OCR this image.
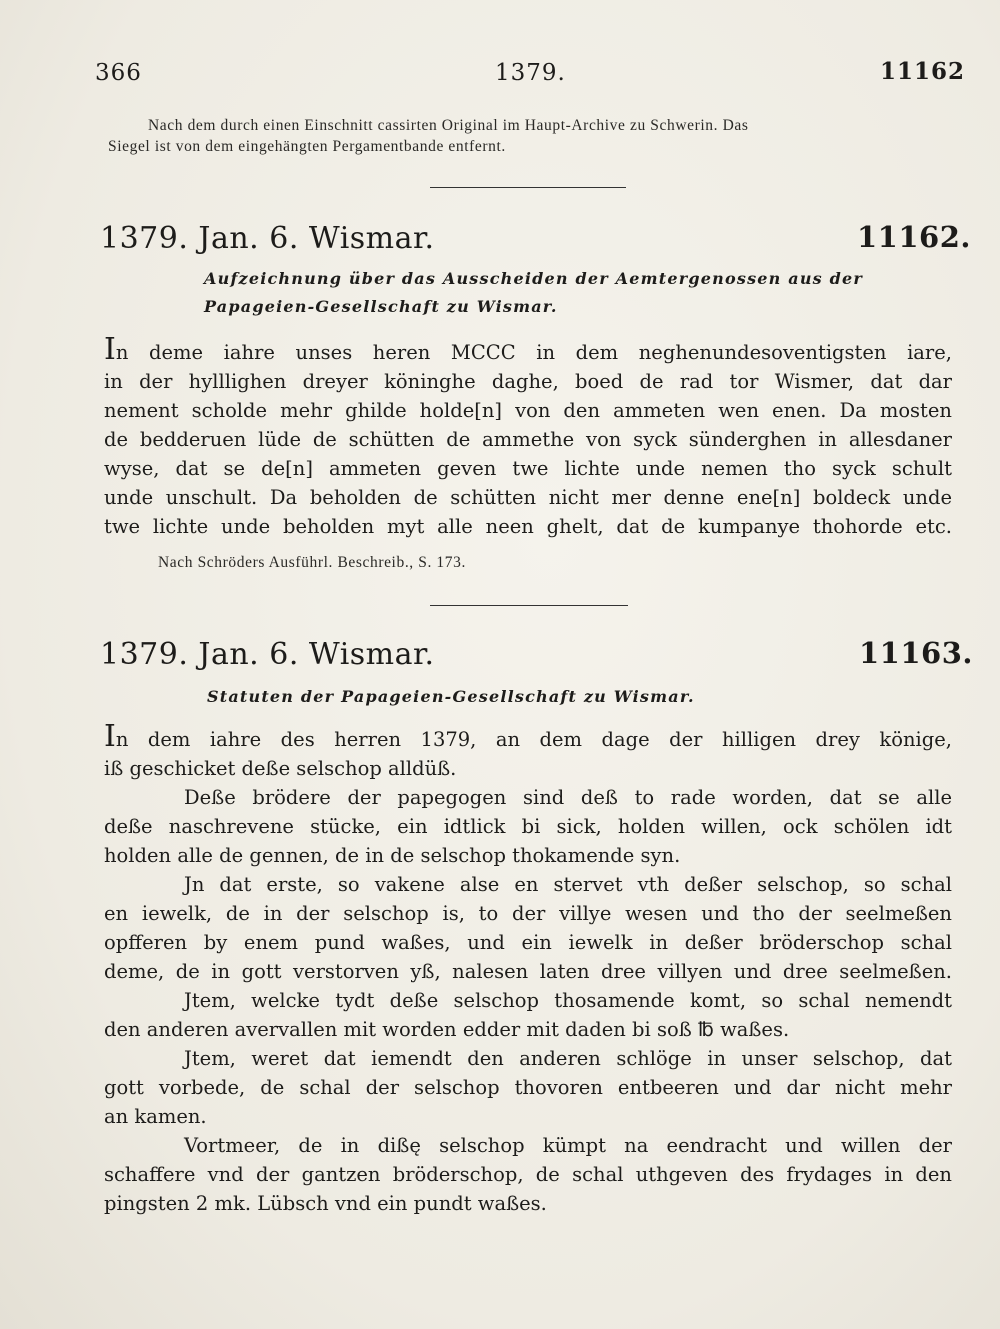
366	1379.	11162
Nach dem durch einen Einschnitt cassirten Original im Haupt-Archive zu Schwerin. Das
Siegel ist von dem eingehängten Pergamentbande entfernt.
1379. Jan. 6. Wismar.	11162.
Aufzeichnung über das Ausscheiden der Aemtergenossen aus der
Papageien-Gesellschaft zu Wismar.

In deme iahre unses heren MCCC in dem neghenundesoventigsten iare,

in der hylllighen dreyer köninghe daghe, boed de rad tor Wismer, dat dar

nement scholde mehr ghilde holde[n] von den ammeten wen enen. Da mosten

de bedderuen lüde de schütten de ammethe von syck sünderghen in allesdaner

wyse, dat se de[n] ammeten geven twe lichte unde nemen tho syck schult

unde unschult. Da beholden de schütten nicht mer denne ene[n] boldeck unde

twe lichte unde beholden myt alle neen ghelt, dat de kumpanye thohorde etc.

Nach Schröders Ausführl. Beschreib., S. 173.
1379. Jan. 6. Wismar.	11163.
Statuten der Papageien-Gesellschaft zu Wismar.

In dem iahre des herren 1379, an dem dage der hilligen drey könige,

iß geschicket deße selschop alldüß.

Deße brödere der papegogen sind deß to rade worden, dat se alle

deße naschrevene stücke, ein idtlick bi sick, holden willen, ock schölen idt

holden alle de gennen, de in de selschop thokamende syn.

Jn dat erste, so vakene alse en stervet vth deßer selschop, so schal

en iewelk, de in der selschop is, to der villye wesen und tho der seelmeßen

opfferen by enem pund waßes, und ein iewelk in deßer bröderschop schal

deme, de in gott verstorven yß, nalesen laten dree villyen und dree seelmeßen.

Jtem, welcke tydt deße selschop thosamende komt, so schal nemendt

den anderen avervallen mit worden edder mit daden bi soß ℔ waßes.

Jtem, weret dat iemendt den anderen schlöge in unser selschop, dat

gott vorbede, de schal der selschop thovoren entbeeren und dar nicht mehr

an kamen.

Vortmeer, de in dißę selschop kümpt na eendracht und willen der

schaffere vnd der gantzen bröderschop, de schal uthgeven des frydages in den

pingsten 2 mk. Lübsch vnd ein pundt waßes.
